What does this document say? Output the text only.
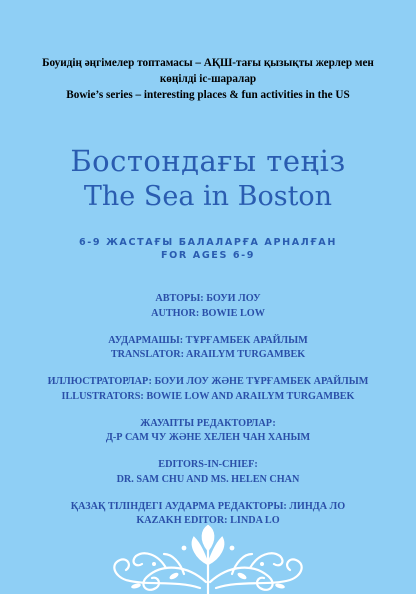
Боуидің әңгімелер топтамасы – АҚШ-тағы қызықты жерлер мен
көңілді іс-шаралар
Bowie’s series – interesting places & fun activities in the US
Бостондағы теңіз
The Sea in Boston
6-9 ЖАСТАҒЫ БАЛАЛАРҒА АРНАЛҒАН
FOR AGES 6-9
АВТОРЫ: БОУИ ЛОУ
AUTHOR: BOWIE LOW
АУДАРМАШЫ: ТҰРҒАМБЕК АРАЙЛЫМ
TRANSLATOR: ARAILYM TURGAMBEK
ИЛЛЮСТРАТОРЛАР: БОУИ ЛОУ ЖӘНЕ ТҰРҒАМБЕК АРАЙЛЫМ
ILLUSTRATORS: BOWIE LOW AND ARAILYM TURGAMBEK
ЖАУАПТЫ РЕДАКТОРЛАР:
Д-Р САМ ЧУ ЖӘНЕ ХЕЛЕН ЧАН ХАНЫМ
EDITORS-IN-CHIEF:
DR. SAM CHU AND MS. HELEN CHAN
ҚАЗАҚ ТІЛІНДЕГІ АУДАРМА РЕДАКТОРЫ: ЛИНДА ЛО
KAZAKH EDITOR: LINDA LO
